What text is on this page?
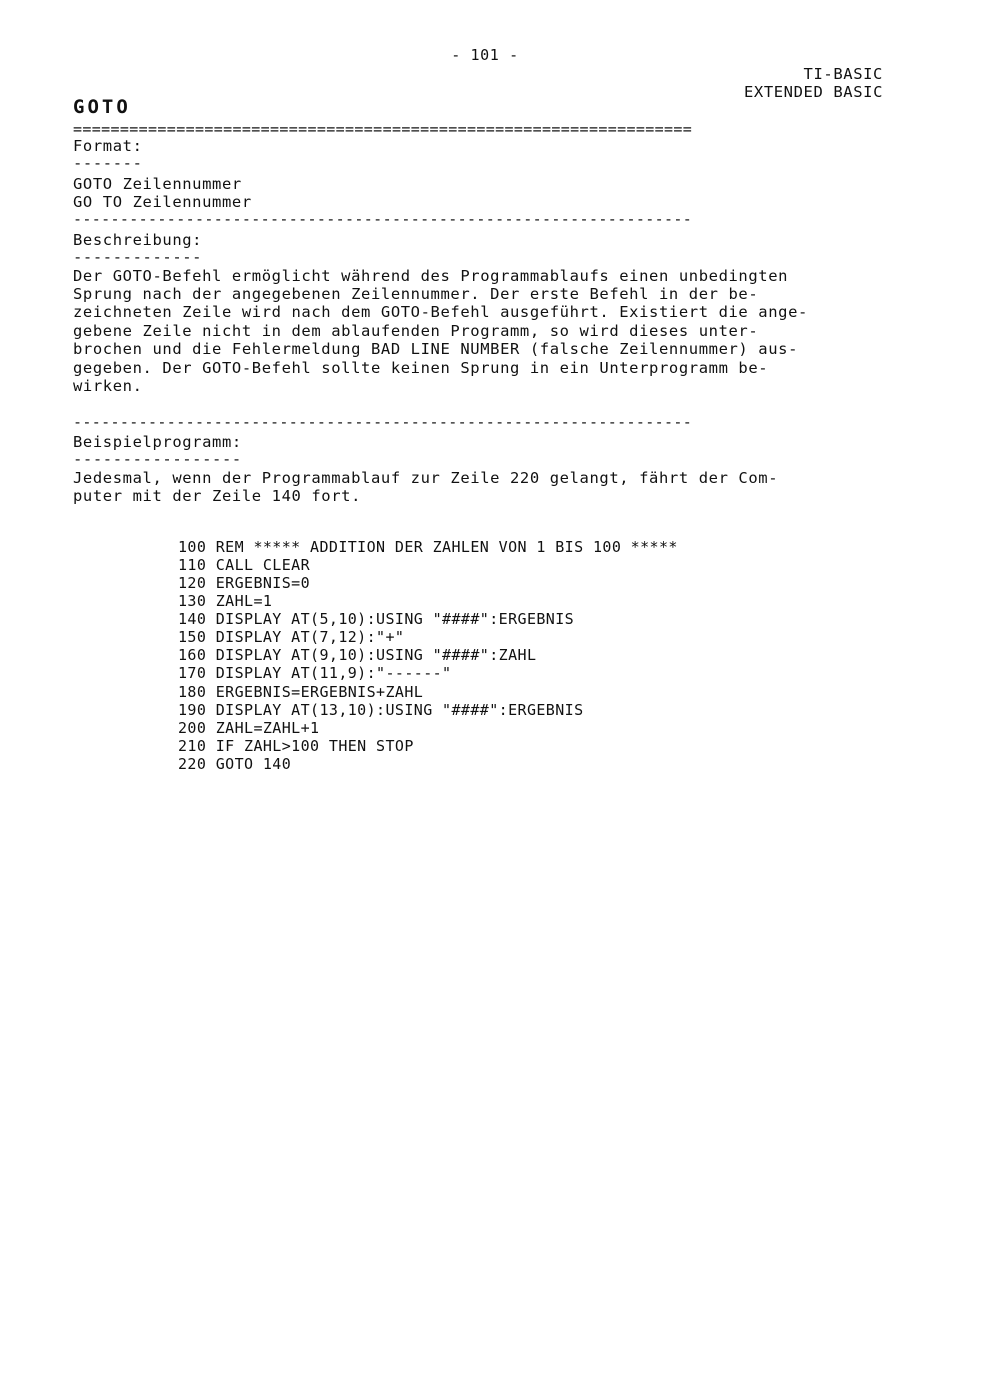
- 101 -
TI-BASIC
EXTENDED BASIC
GOTO
==================================================================
Format:
-------
GOTO Zeilennummer
GO TO Zeilennummer
------------------------------------------------------------------
Beschreibung:
-------------
Der GOTO-Befehl ermöglicht während des Programmablaufs einen unbedingten
Sprung nach der angegebenen Zeilennummer. Der erste Befehl in der be-
zeichneten Zeile wird nach dem GOTO-Befehl ausgeführt. Existiert die ange-
gebene Zeile nicht in dem ablaufenden Programm, so wird dieses unter-
brochen und die Fehlermeldung BAD LINE NUMBER (falsche Zeilennummer) aus-
gegeben. Der GOTO-Befehl sollte keinen Sprung in ein Unterprogramm be-
wirken.
------------------------------------------------------------------
Beispielprogramm:
-----------------
Jedesmal, wenn der Programmablauf zur Zeile 220 gelangt, fährt der Com-
puter mit der Zeile 140 fort.
100 REM ***** ADDITION DER ZAHLEN VON 1 BIS 100 *****
110 CALL CLEAR
120 ERGEBNIS=0
130 ZAHL=1
140 DISPLAY AT(5,10):USING "####":ERGEBNIS
150 DISPLAY AT(7,12):"+"
160 DISPLAY AT(9,10):USING "####":ZAHL
170 DISPLAY AT(11,9):"------"
180 ERGEBNIS=ERGEBNIS+ZAHL
190 DISPLAY AT(13,10):USING "####":ERGEBNIS
200 ZAHL=ZAHL+1
210 IF ZAHL>100 THEN STOP
220 GOTO 140
